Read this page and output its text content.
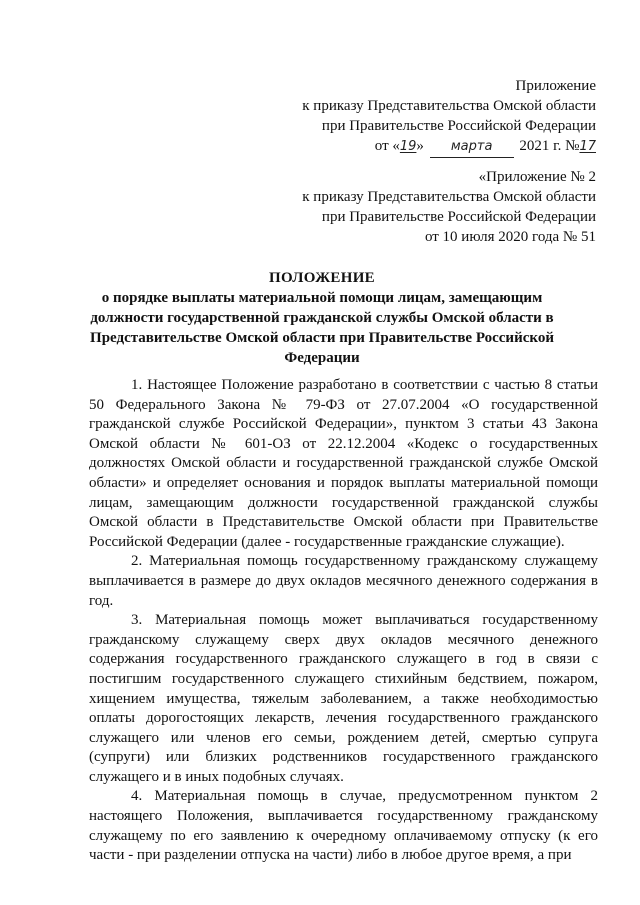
Приложение
к приказу Представительства Омской области
при Правительстве Российской Федерации
от «19» марта 2021 г. №17
«Приложение № 2
к приказу Представительства Омской области
при Правительстве Российской Федерации
от 10 июля 2020 года № 51
ПОЛОЖЕНИЕ
о порядке выплаты материальной помощи лицам, замещающим должности государственной гражданской службы Омской области в Представительстве Омской области при Правительстве Российской Федерации

1. Настоящее Положение разработано в соответствии с частью 8 статьи 50 Федерального Закона № 79-ФЗ от 27.07.2004 «О государственной гражданской службе Российской Федерации», пунктом 3 статьи 43 Закона Омской области № 601-ОЗ от 22.12.2004 «Кодекс о государственных должностях Омской области и государственной гражданской службе Омской области» и определяет основания и порядок выплаты материальной помощи лицам, замещающим должности государственной гражданской службы Омской области в Представительстве Омской области при Правительстве Российской Федерации (далее - государственные гражданские служащие).

2. Материальная помощь государственному гражданскому служащему выплачивается в размере до двух окладов месячного денежного содержания в год.

3. Материальная помощь может выплачиваться государственному гражданскому служащему сверх двух окладов месячного денежного содержания государственного гражданского служащего в год в связи с постигшим государственного служащего стихийным бедствием, пожаром, хищением имущества, тяжелым заболеванием, а также необходимостью оплаты дорогостоящих лекарств, лечения государственного гражданского служащего или членов его семьи, рождением детей, смертью супруга (супруги) или близких родственников государственного гражданского служащего и в иных подобных случаях.

4. Материальная помощь в случае, предусмотренном пунктом 2 настоящего Положения, выплачивается государственному гражданскому служащему по его заявлению к очередному оплачиваемому отпуску (к его части - при разделении отпуска на части) либо в любое другое время, а при
